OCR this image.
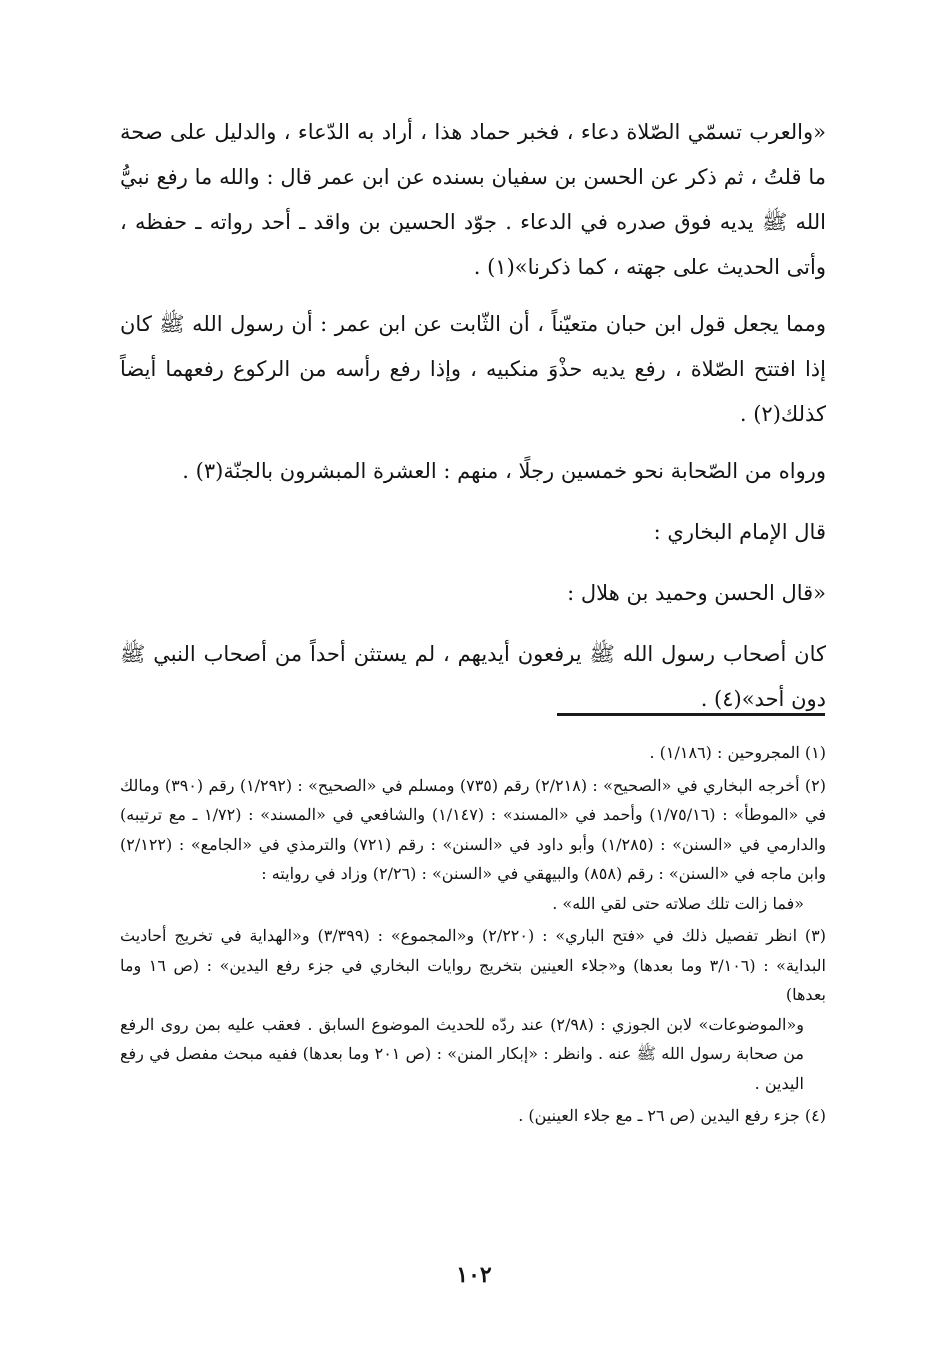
«والعرب تسمّي الصّلاة دعاء ، فخبر حماد هذا ، أراد به الدّعاء ، والدليل على صحة ما قلتُ ، ثم ذكر عن الحسن بن سفيان بسنده عن ابن عمر قال : والله ما رفع نبيُّ الله ﷺ يديه فوق صدره في الدعاء . جوّد الحسين بن واقد ـ أحد رواته ـ حفظه ، وأتى الحديث على جهته ، كما ذكرنا»(١) .

ومما يجعل قول ابن حبان متعيّناً ، أن الثّابت عن ابن عمر : أن رسول الله ﷺ كان إذا افتتح الصّلاة ، رفع يديه حذْوَ منكبيه ، وإذا رفع رأسه من الركوع رفعهما أيضاً كذلك(٢) .

ورواه من الصّحابة نحو خمسين رجلًا ، منهم : العشرة المبشرون بالجنّة(٣) .

قال الإمام البخاري :

«قال الحسن وحميد بن هلال :

كان أصحاب رسول الله ﷺ يرفعون أيديهم ، لم يستثن أحداً من أصحاب النبي ﷺ دون أحد»(٤) .

(١) المجروحين : (١/١٨٦) .

(٢) أخرجه البخاري في «الصحيح» : (٢/٢١٨) رقم (٧٣٥) ومسلم في «الصحيح» : (١/٢٩٢) رقم (٣٩٠) ومالك في «الموطأ» : (١/٧٥/١٦) وأحمد في «المسند» : (١/١٤٧) والشافعي في «المسند» : (١/٧٢ ـ مع ترتيبه) والدارمي في «السنن» : (١/٢٨٥) وأبو داود في «السنن» : رقم (٧٢١) والترمذي في «الجامع» : (٢/١٢٢) وابن ماجه في «السنن» : رقم (٨٥٨) والبيهقي في «السنن» : (٢/٢٦) وزاد في روايته :
«فما زالت تلك صلاته حتى لقي الله» .

(٣) انظر تفصيل ذلك في «فتح الباري» : (٢/٢٢٠) و«المجموع» : (٣/٣٩٩) و«الهداية في تخريج أحاديث البداية» : (٣/١٠٦ وما بعدها) و«جلاء العينين بتخريج روايات البخاري في جزء رفع اليدين» : (ص ١٦ وما بعدها)
و«الموضوعات» لابن الجوزي : (٢/٩٨) عند ردّه للحديث الموضوع السابق . فعقب عليه بمن روى الرفع من صحابة رسول الله ﷺ عنه . وانظر : «إبكار المنن» : (ص ٢٠١ وما بعدها) ففيه مبحث مفصل في رفع اليدين .

(٤) جزء رفع اليدين (ص ٢٦ ـ مع جلاء العينين) .

١٠٢
